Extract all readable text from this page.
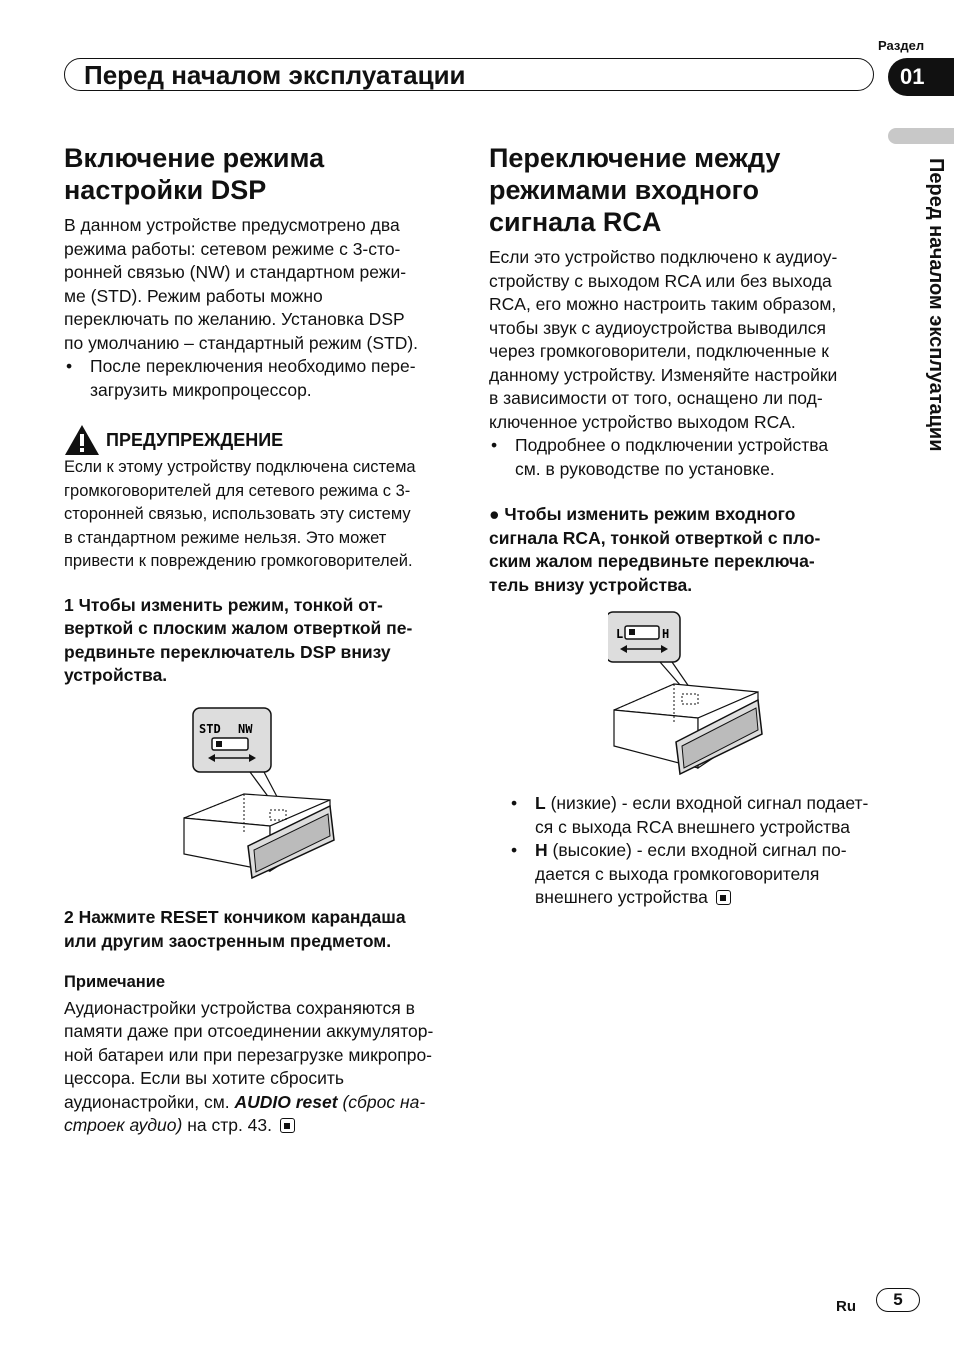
Раздел
Перед началом эксплуатации	01
Перед началом эксплуатации
Включение режима
настройки DSP

В данном устройстве предусмотрено два
режима работы: сетевом режиме с 3-сто-
ронней связью (NW) и стандартном режи-
ме (STD). Режим работы можно
переключать по желанию. Установка DSP
по умолчанию – стандартный режим (STD).

• После переключения необходимо пере-
загрузить микропроцессор.

ПРЕДУПРЕЖДЕНИЕ

Если к этому устройству подключена система
громкоговорителей для сетевого режима с 3-
сторонней связью, использовать эту систему
в стандартном режиме нельзя. Это может
привести к повреждению громкоговорителей.

1 Чтобы изменить режим, тонкой от-
верткой с плоским жалом отверткой пе-
редвиньте переключатель DSP внизу
устройства.

STD NW

2 Нажмите RESET кончиком карандаша
или другим заостренным предметом.

Примечание

Аудионастройки устройства сохраняются в
памяти даже при отсоединении аккумулятор-
ной батареи или при перезагрузке микропро-
цессора. Если вы хотите сбросить
аудионастройки, см. AUDIO reset (сброс на-
строек аудио) на стр. 43.

Переключение между
режимами входного
сигнала RCA

Если это устройство подключено к аудиоу-
стройству с выходом RCA или без выхода
RCA, его можно настроить таким образом,
чтобы звук с аудиоустройства выводился
через громкоговорители, подключенные к
данному устройству. Изменяйте настройки
в зависимости от того, оснащено ли под-
ключенное устройство выходом RCA.

• Подробнее о подключении устройства
см. в руководстве по установке.

● Чтобы изменить режим входного
сигнала RCA, тонкой отверткой с пло-
ским жалом передвиньте переключа-
тель внизу устройства.

L	H

• L (низкие) - если входной сигнал подает-
ся с выхода RCA внешнего устройства

• H (высокие) - если входной сигнал по-
дается с выхода громкоговорителя
внешнего устройства

Ru	5
